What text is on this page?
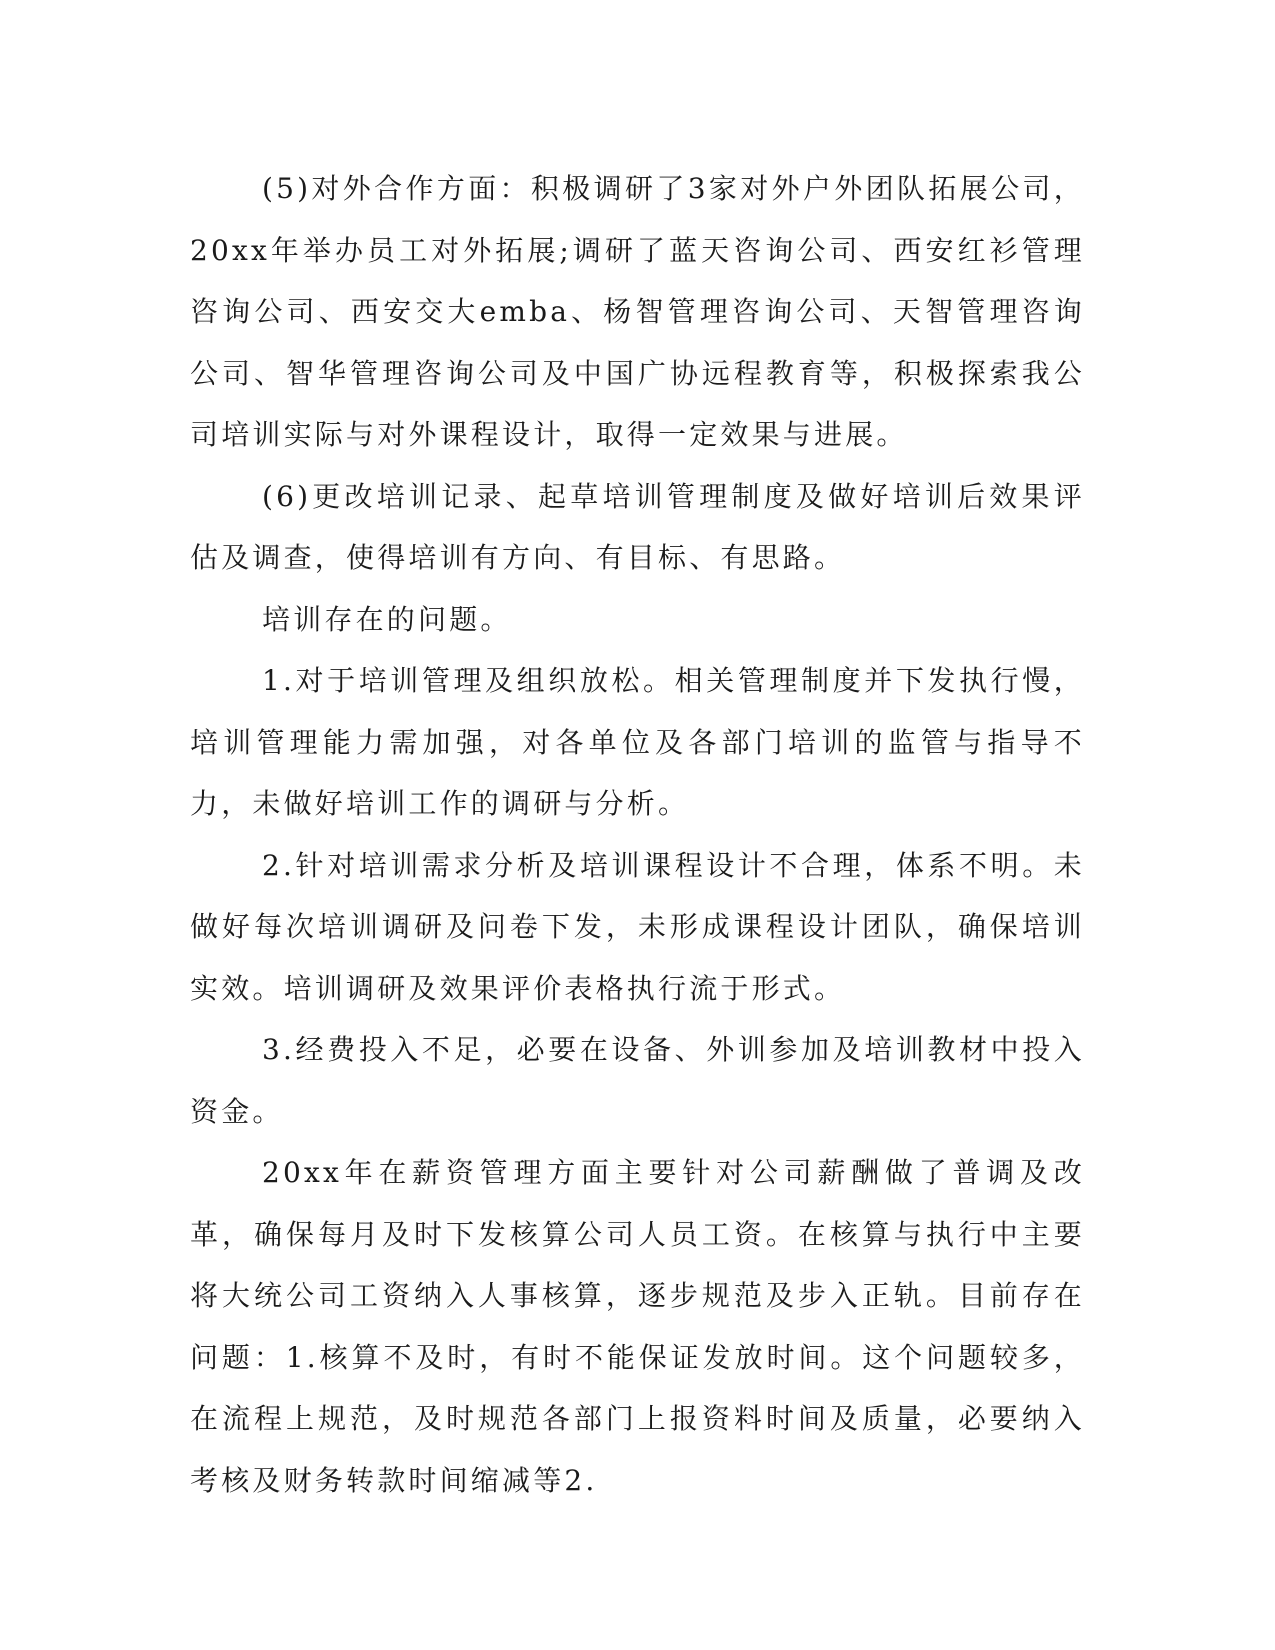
(5)对外合作方面：积极调研了3家对外户外团队拓展公司，20xx年举办员工对外拓展;调研了蓝天咨询公司、西安红衫管理咨询公司、西安交大emba、杨智管理咨询公司、天智管理咨询公司、智华管理咨询公司及中国广协远程教育等，积极探索我公司培训实际与对外课程设计，取得一定效果与进展。

(6)更改培训记录、起草培训管理制度及做好培训后效果评估及调查，使得培训有方向、有目标、有思路。

培训存在的问题。

1.对于培训管理及组织放松。相关管理制度并下发执行慢，培训管理能力需加强，对各单位及各部门培训的监管与指导不力，未做好培训工作的调研与分析。

2.针对培训需求分析及培训课程设计不合理，体系不明。未做好每次培训调研及问卷下发，未形成课程设计团队，确保培训实效。培训调研及效果评价表格执行流于形式。

3.经费投入不足，必要在设备、外训参加及培训教材中投入资金。

20xx年在薪资管理方面主要针对公司薪酬做了普调及改革，确保每月及时下发核算公司人员工资。在核算与执行中主要将大统公司工资纳入人事核算，逐步规范及步入正轨。目前存在问题：1.核算不及时，有时不能保证发放时间。这个问题较多，在流程上规范，及时规范各部门上报资料时间及质量，必要纳入考核及财务转款时间缩减等2.
